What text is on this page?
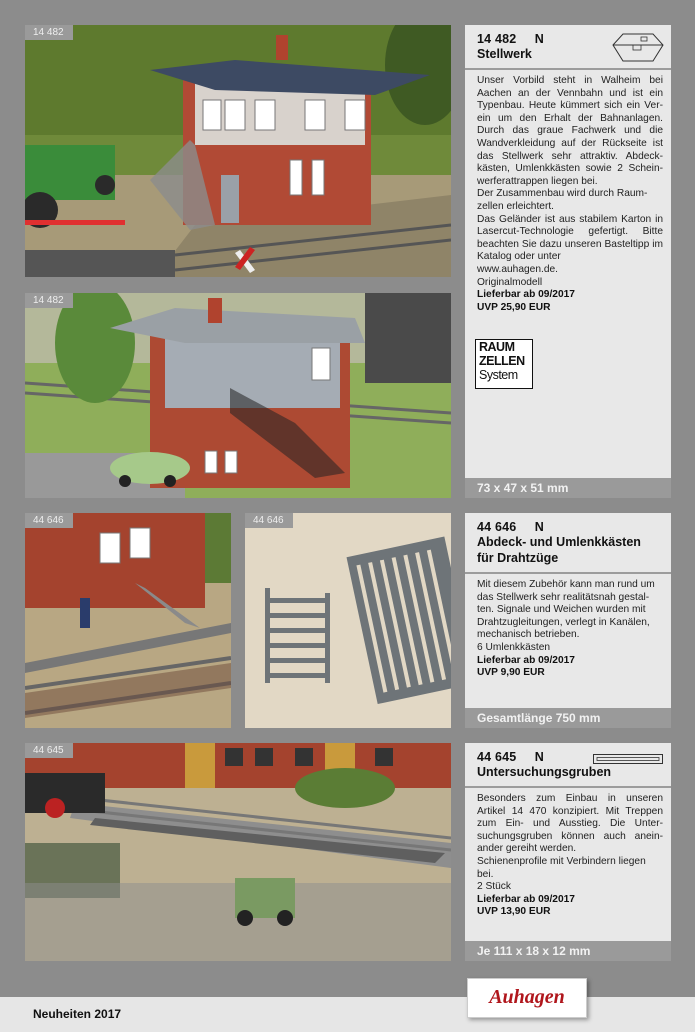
14 482
14 482
44 646	44 646
44 645
14 482     N
Stellwerk

Unser Vorbild steht in Walheim bei Aachen an der Vennbahn und ist ein Typenbau. Heute kümmert sich ein Ver-ein um den Erhalt der Bahnanlagen. Durch das graue Fachwerk und die Wandverkleidung auf der Rückseite ist das Stellwerk sehr attraktiv. Abdeck-kästen, Umlenkkästen sowie 2 Schein-werferattrappen liegen bei.

Der Zusammenbau wird durch Raum-zellen erleichtert.

Das Geländer ist aus stabilem Karton in Lasercut-Technologie gefertigt. Bitte beachten Sie dazu unseren Basteltipp im Katalog oder unter

www.auhagen.de.

Originalmodell

Lieferbar ab 09/2017

UVP 25,90 EUR

73 x 47 x 51 mm
RAUM
ZELLEN
System
44 646     N
Abdeck- und Umlenkkästen
für Drahtzüge

Mit diesem Zubehör kann man rund um das Stellwerk sehr realitätsnah gestal-ten. Signale und Weichen wurden mit Drahtzugleitungen, verlegt in Kanälen, mechanisch betrieben.

6 Umlenkkästen

Lieferbar ab 09/2017

UVP 9,90 EUR

Gesamtlänge 750 mm
44 645     N
Untersuchungsgruben

Besonders zum Einbau in unseren Artikel 14 470 konzipiert. Mit Treppen zum Ein- und Ausstieg. Die Unter-suchungsgruben können auch anein-ander gereiht werden.

Schienenprofile mit Verbindern liegen bei.

2 Stück

Lieferbar ab 09/2017

UVP 13,90 EUR

Je 111 x 18 x 12 mm
Neuheiten 2017
Auhagen
